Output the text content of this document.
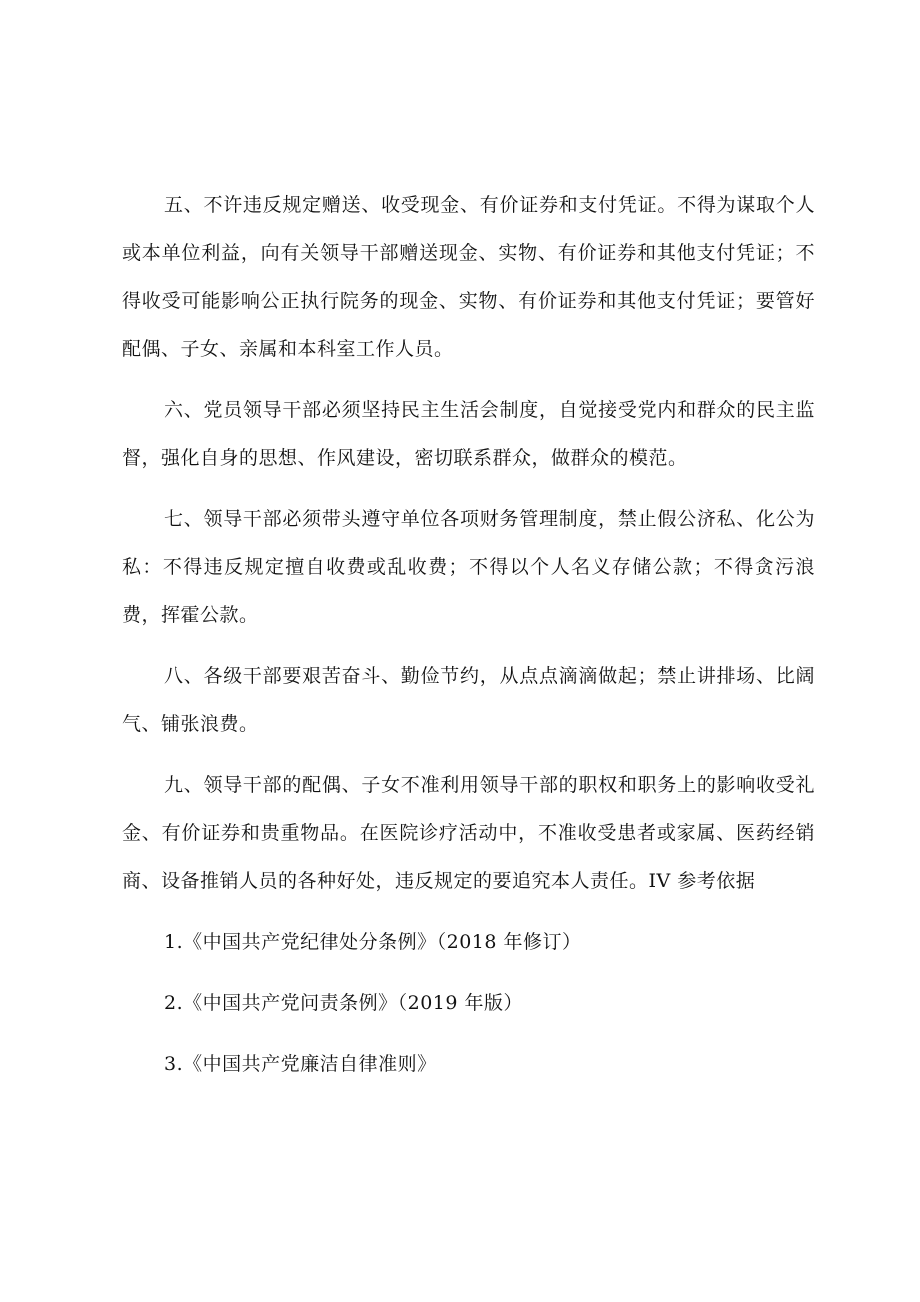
五、不许违反规定赠送、收受现金、有价证券和支付凭证。不得为谋取个人或本单位利益，向有关领导干部赠送现金、实物、有价证券和其他支付凭证；不得收受可能影响公正执行院务的现金、实物、有价证券和其他支付凭证；要管好配偶、子女、亲属和本科室工作人员。

六、党员领导干部必须坚持民主生活会制度，自觉接受党内和群众的民主监督，强化自身的思想、作风建设，密切联系群众，做群众的模范。

七、领导干部必须带头遵守单位各项财务管理制度，禁止假公济私、化公为私：不得违反规定擅自收费或乱收费；不得以个人名义存储公款；不得贪污浪费，挥霍公款。

八、各级干部要艰苦奋斗、勤俭节约，从点点滴滴做起；禁止讲排场、比阔气、铺张浪费。

九、领导干部的配偶、子女不准利用领导干部的职权和职务上的影响收受礼金、有价证券和贵重物品。在医院诊疗活动中，不准收受患者或家属、医药经销商、设备推销人员的各种好处，违反规定的要追究本人责任。IV 参考依据

1.《中国共产党纪律处分条例》（2018 年修订）
2.《中国共产党问责条例》（2019 年版）
3.《中国共产党廉洁自律准则》
